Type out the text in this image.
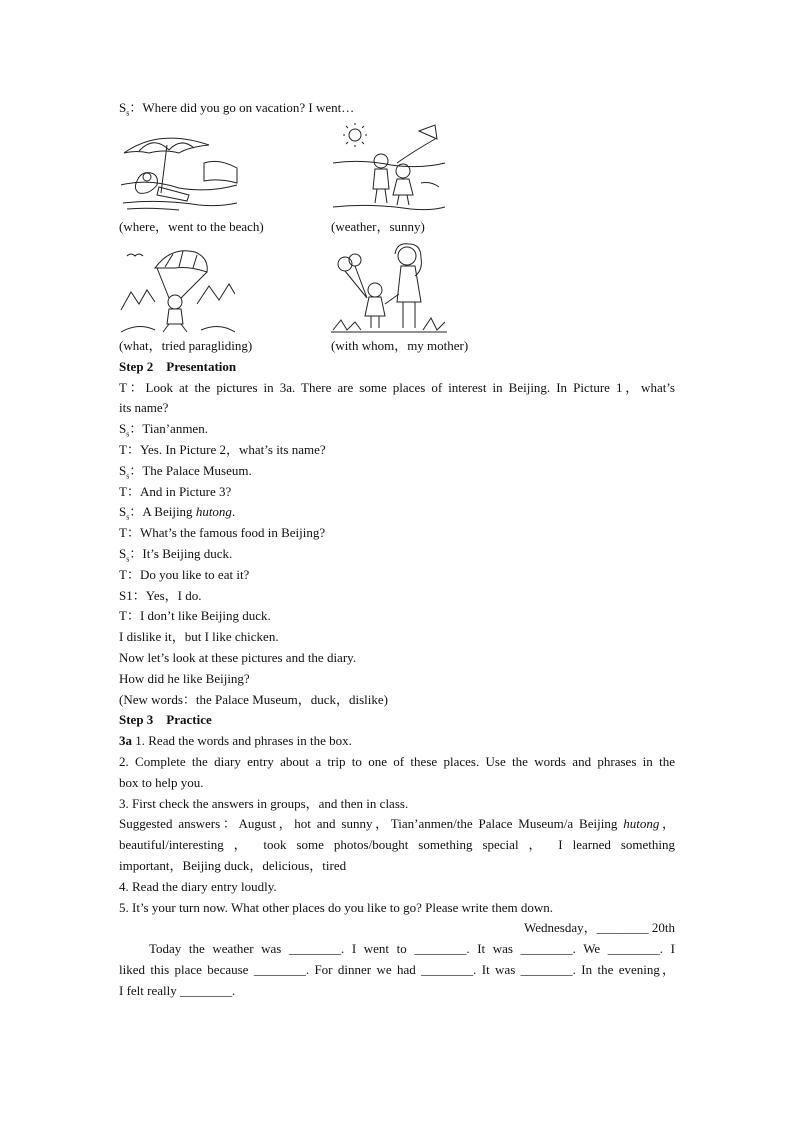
$S_s$：Where did you go on vacation? I went…
(where，went to the beach)	(weather，sunny)
(what，tried paragliding)	(with whom，my mother)
Step 2　Presentation
T：Look at the pictures in 3a. There are some places of interest in Beijing. In Picture 1，what’s
its name?
$S_s$：Tian’anmen.
T：Yes. In Picture 2，what’s its name?
$S_s$：The Palace Museum.
T：And in Picture 3?
$S_s$：A Beijing hutong.
T：What’s the famous food in Beijing?
$S_s$：It’s Beijing duck.
T：Do you like to eat it?
S1：Yes，I do.
T：I don’t like Beijing duck.
I dislike it，but I like chicken.
Now let’s look at these pictures and the diary.
How did he like Beijing?
(New words：the Palace Museum，duck，dislike)
Step 3　Practice
3a 1. Read the words and phrases in the box.
2. Complete the diary entry about a trip to one of these places. Use the words and phrases in the
box to help you.
3. First check the answers in groups，and then in class.
Suggested answers：August，hot and sunny，Tian’anmen/the Palace Museum/a Beijing hutong，
beautiful/interesting ， took some photos/bought something special ， I learned something
important，Beijing duck，delicious，tired
4. Read the diary entry loudly.
5. It’s your turn now. What other places do you like to go? Please write them down.
Wednesday，________ 20th
Today the weather was ________. I went to ________. It was ________. We ________. I
liked this place because ________. For dinner we had ________. It was ________. In the evening，
I felt really ________.
